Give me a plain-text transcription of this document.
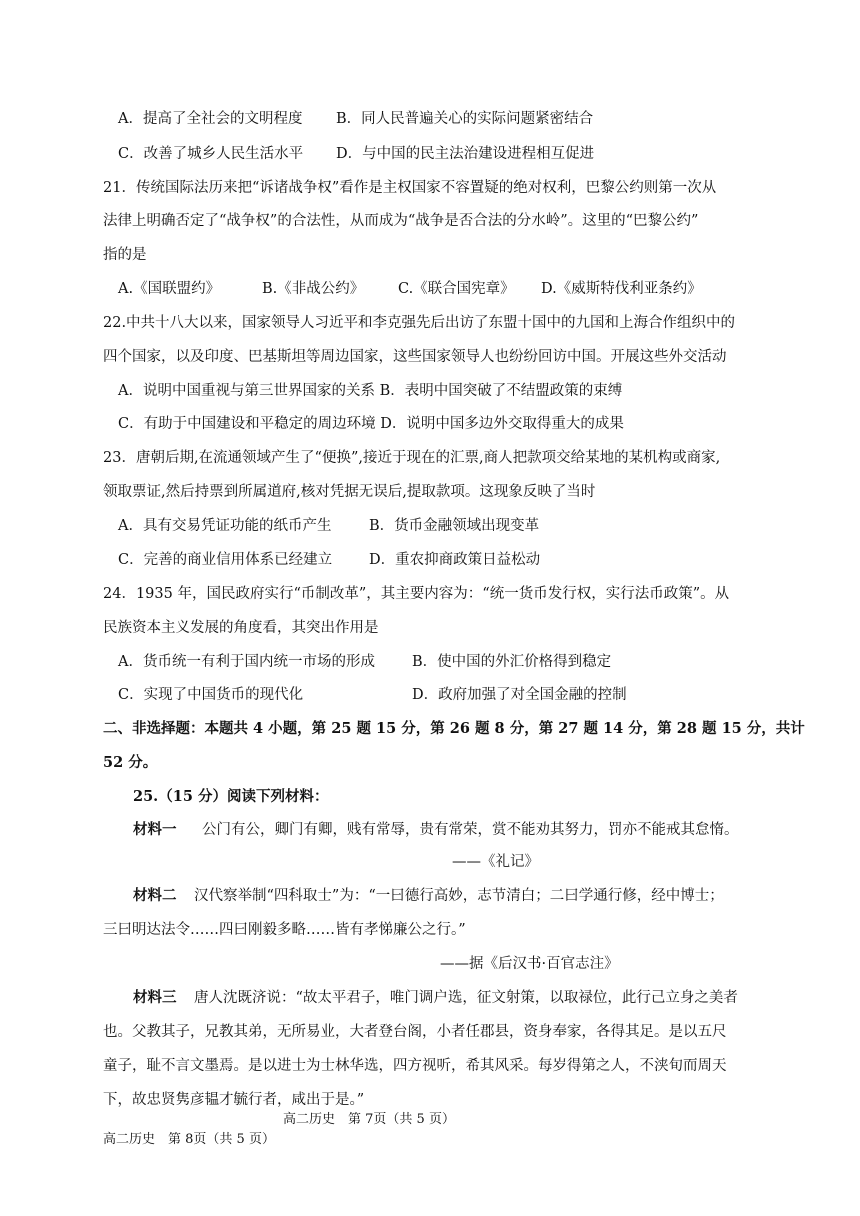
A．提高了全社会的文明程度 B．同人民普遍关心的实际问题紧密结合
C．改善了城乡人民生活水平 D．与中国的民主法治建设进程相互促进
21．传统国际法历来把“诉诸战争权”看作是主权国家不容置疑的绝对权利，巴黎公约则第一次从
法律上明确否定了“战争权”的合法性，从而成为“战争是否合法的分水岭”。这里的“巴黎公约”
指的是
A.《国联盟约》	B.《非战公约》 C.《联合国宪章》 D.《威斯特伐利亚条约》
22.中共十八大以来，国家领导人习近平和李克强先后出访了东盟十国中的九国和上海合作组织中的
四个国家，以及印度、巴基斯坦等周边国家，这些国家领导人也纷纷回访中国。开展这些外交活动
A．说明中国重视与第三世界国家的关系 B．表明中国突破了不结盟政策的束缚
C．有助于中国建设和平稳定的周边环境 D．说明中国多边外交取得重大的成果
23．唐朝后期,在流通领域产生了“便换”,接近于现在的汇票,商人把款项交给某地的某机构或商家,
领取票证,然后持票到所属道府,核对凭据无误后,提取款项。这现象反映了当时
A．具有交易凭证功能的纸币产生	B．货币金融领域出现变革
C．完善的商业信用体系已经建立	D．重农抑商政策日益松动
24．1935 年，国民政府实行“币制改革”，其主要内容为：“统一货币发行权，实行法币政策”。从
民族资本主义发展的角度看，其突出作用是
A．货币统一有利于国内统一市场的形成	B．使中国的外汇价格得到稳定
C．实现了中国货币的现代化	D．政府加强了对全国金融的控制
二、非选择题：本题共 4 小题，第 25 题 15 分，第 26 题 8 分，第 27 题 14 分，第 28 题 15 分，共计
52 分。
25.（15 分）阅读下列材料：
材料一 公门有公，卿门有卿，贱有常辱，贵有常荣，赏不能劝其努力，罚亦不能戒其怠惰。
——《礼记》
材料二 汉代察举制“四科取士”为：“一曰德行高妙，志节清白；二曰学通行修，经中博士；
三曰明达法令……四曰刚毅多略……皆有孝悌廉公之行。”
——据《后汉书·百官志注》
材料三 唐人沈既济说：“故太平君子，唯门调户选，征文射策，以取禄位，此行己立身之美者
也。父教其子，兄教其弟，无所易业，大者登台阁，小者任郡县，资身奉家，各得其足。是以五尺
童子，耻不言文墨焉。是以进士为士林华选，四方视听，希其风采。每岁得第之人，不浃旬而周天
下，故忠贤隽彦韫才毓行者，咸出于是。”
高二历史　第 7页（共 5 页）
高二历史　第 8页（共 5 页）
